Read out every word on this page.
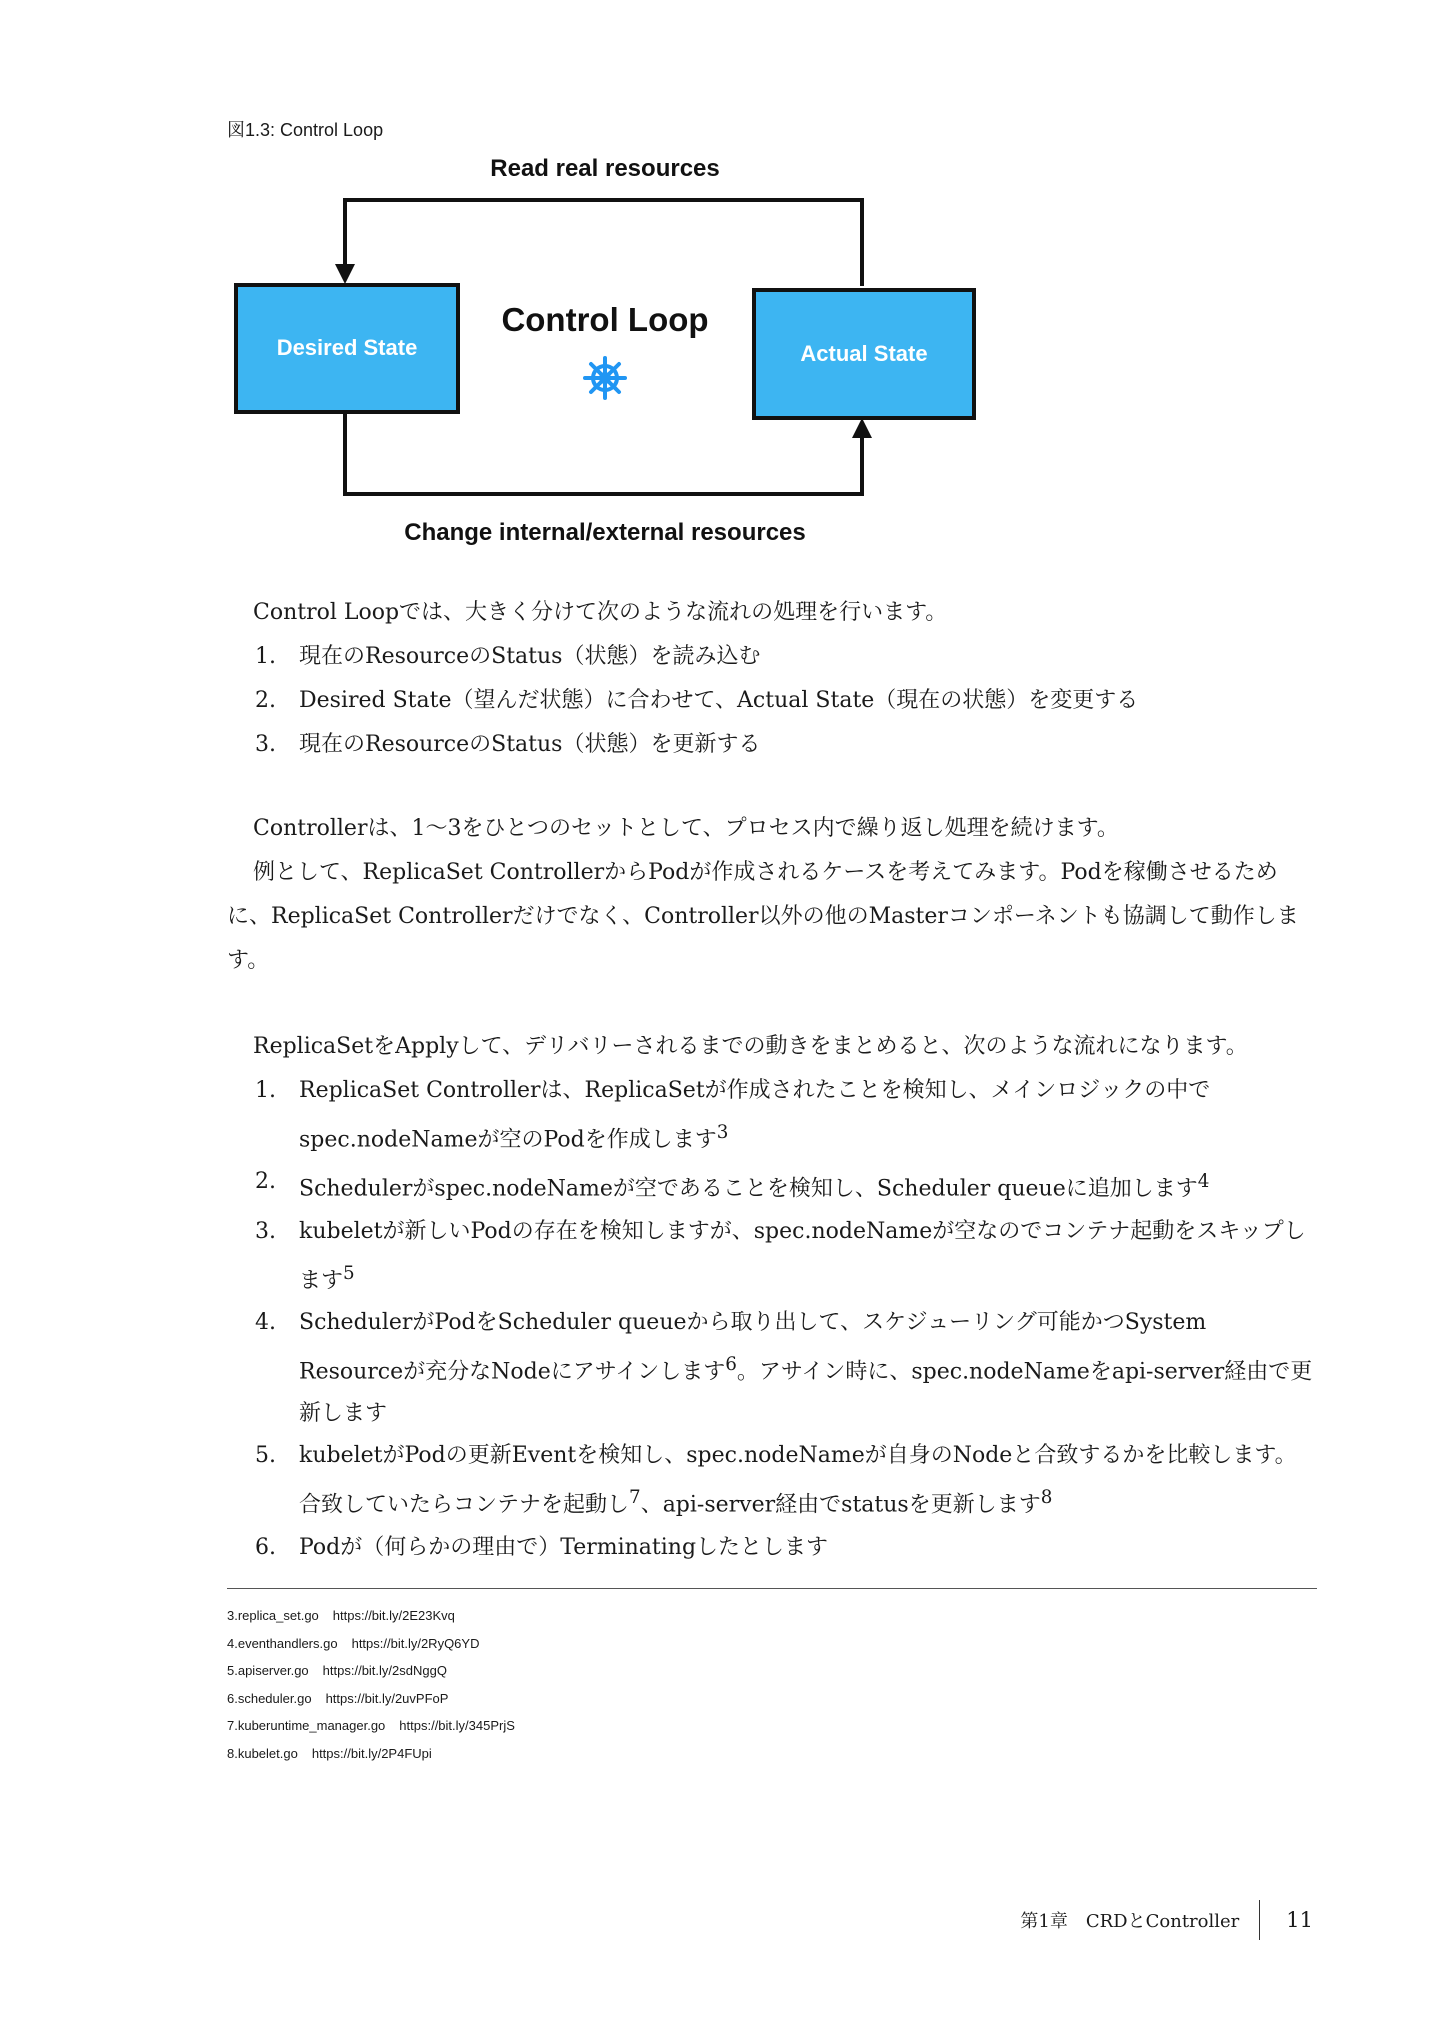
図1.3: Control Loop
Desired State	Actual State
Read real resources
Change internal/external resources
Control Loop
Control Loopでは、大きく分けて次のような流れの処理を行います。
1. 現在のResourceのStatus（状態）を読み込む
2. Desired State（望んだ状態）に合わせて、Actual State（現在の状態）を変更する
3. 現在のResourceのStatus（状態）を更新する
Controllerは、1〜3をひとつのセットとして、プロセス内で繰り返し処理を続けます。
例として、ReplicaSet ControllerからPodが作成されるケースを考えてみます。Podを稼働させるために、ReplicaSet Controllerだけでなく、Controller以外の他のMasterコンポーネントも協調して動作します。
ReplicaSetをApplyして、デリバリーされるまでの動きをまとめると、次のような流れになります。
1. ReplicaSet Controllerは、ReplicaSetが作成されたことを検知し、メインロジックの中でspec.nodeNameが空のPodを作成します$^3$
2. Schedulerがspec.nodeNameが空であることを検知し、Scheduler queueに追加します$^4$
3. kubeletが新しいPodの存在を検知しますが、spec.nodeNameが空なのでコンテナ起動をスキップします$^5$
4. SchedulerがPodをScheduler queueから取り出して、スケジューリング可能かつSystem Resourceが充分なNodeにアサインします$^6$。アサイン時に、spec.nodeNameをapi-server経由で更新します
5. kubeletがPodの更新Eventを検知し、spec.nodeNameが自身のNodeと合致するかを比較します。合致していたらコンテナを起動し$^7$、api-server経由でstatusを更新します$^8$
6. Podが（何らかの理由で）Terminatingしたとします
3.replica_set.go https://bit.ly/2E23Kvq
4.eventhandlers.go https://bit.ly/2RyQ6YD
5.apiserver.go https://bit.ly/2sdNggQ
6.scheduler.go https://bit.ly/2uvPFoP
7.kuberuntime_manager.go https://bit.ly/345PrjS
8.kubelet.go https://bit.ly/2P4FUpi
第1章　CRDとController 11
